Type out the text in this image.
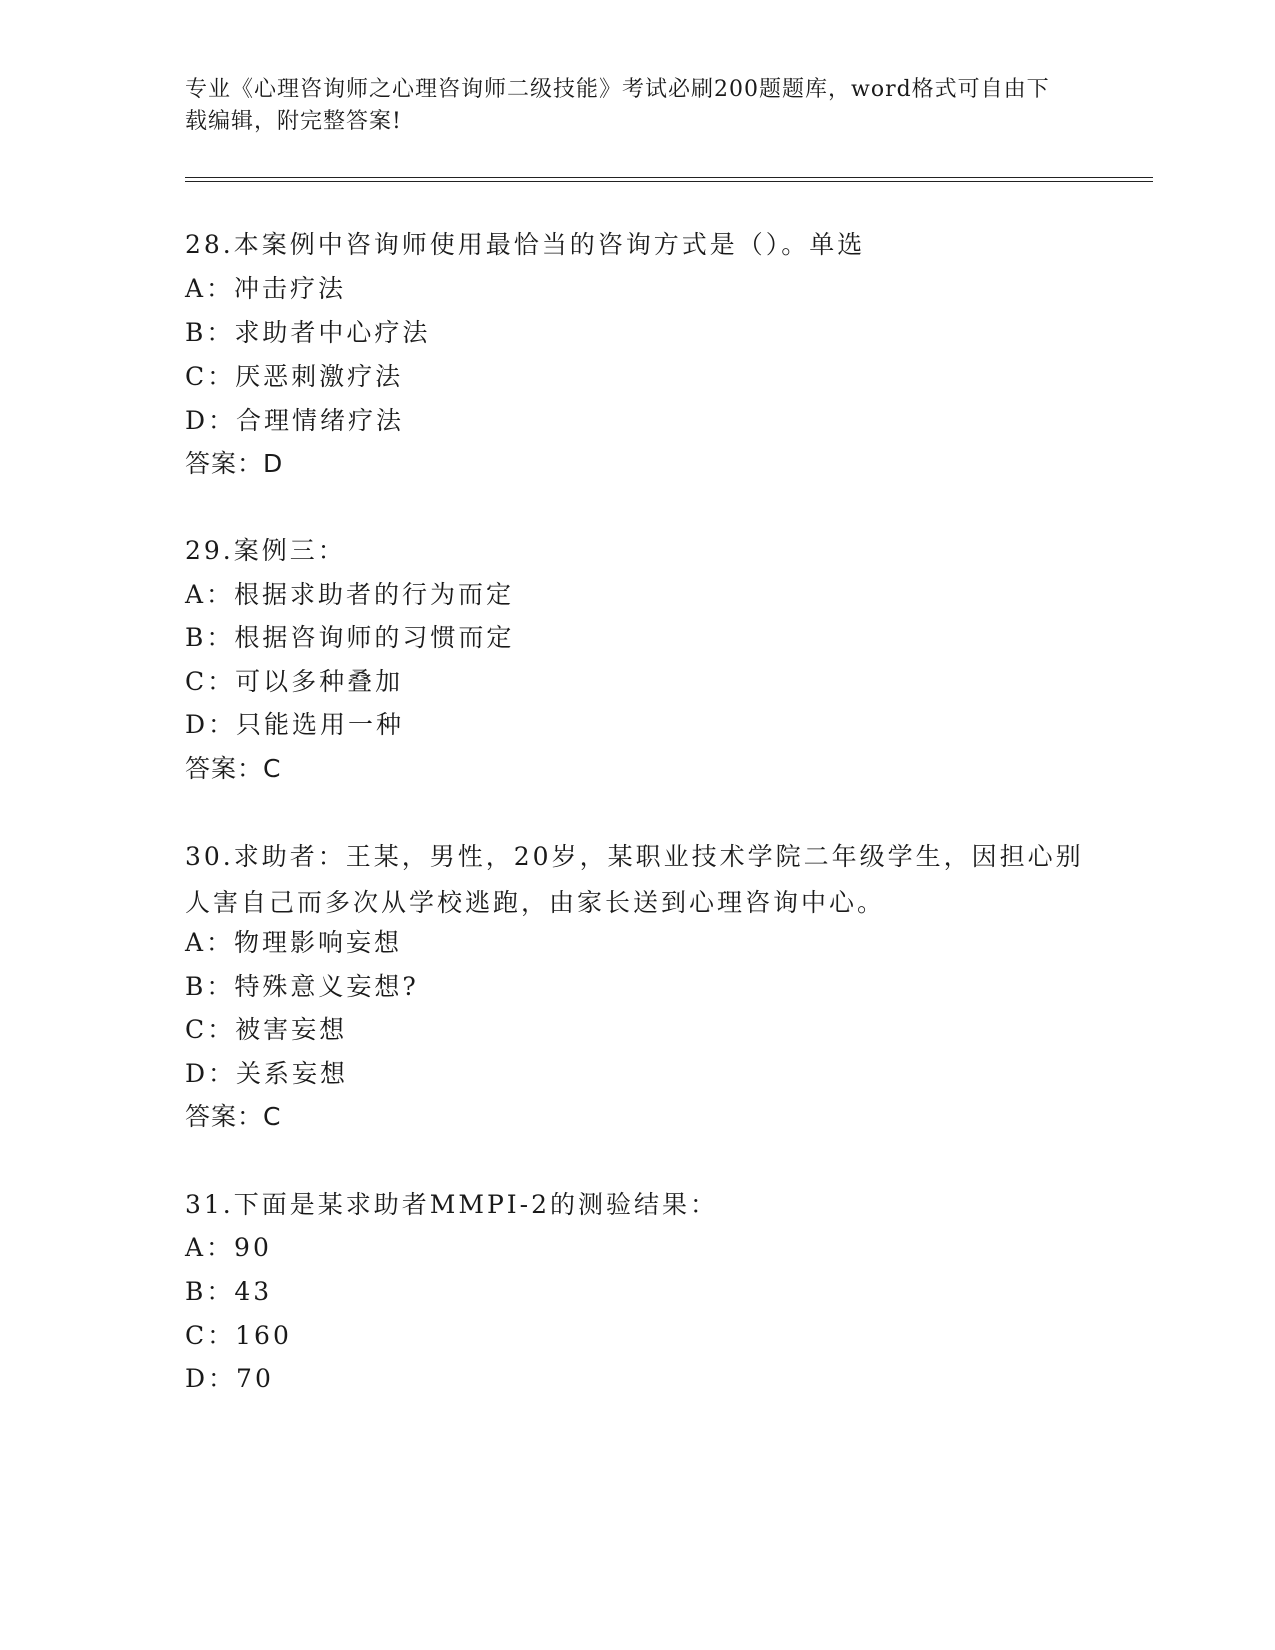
专业《心理咨询师之心理咨询师二级技能》考试必刷200题题库，word格式可自由下载编辑，附完整答案!
28.本案例中咨询师使用最恰当的咨询方式是（）。单选
A：冲击疗法
B：求助者中心疗法
C：厌恶刺激疗法
D：合理情绪疗法
答案：D
29.案例三：
A：根据求助者的行为而定
B：根据咨询师的习惯而定
C：可以多种叠加
D：只能选用一种
答案：C
30.求助者：王某，男性，20岁，某职业技术学院二年级学生，因担心别人害自己而多次从学校逃跑，由家长送到心理咨询中心。
A：物理影响妄想
B：特殊意义妄想?
C：被害妄想
D：关系妄想
答案：C
31.下面是某求助者MMPI-2的测验结果：
A：90
B：43
C：160
D：70
